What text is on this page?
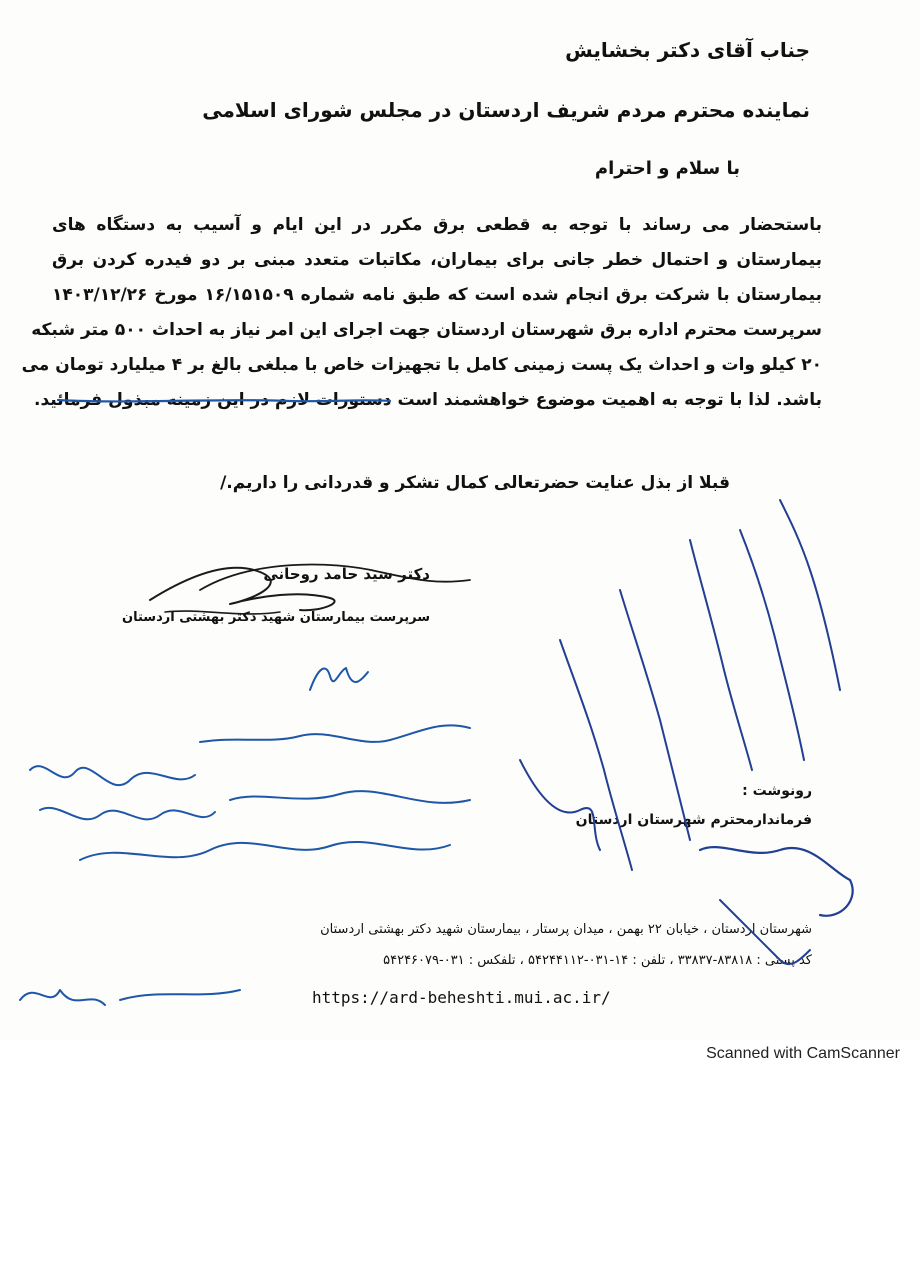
جناب آقای دکتر بخشایش
نماینده محترم مردم شریف اردستان در مجلس شورای اسلامی
با سلام و احترام
باستحضار می رساند با توجه به قطعی برق مکرر در این ایام و آسیب به دستگاه های
بیمارستان و احتمال خطر جانی برای بیماران، مکاتبات متعدد مبنی بر دو فیدره کردن برق
بیمارستان با شرکت برق انجام شده است که طبق نامه شماره ۱۶/۱۵۱۵۰۹ مورخ ۱۴۰۳/۱۲/۲۶
سرپرست محترم اداره برق شهرستان اردستان جهت اجرای این امر نیاز به احداث ۵۰۰ متر شبکه
۲۰ کیلو وات و احداث یک پست زمینی کامل با تجهیزات خاص با مبلغی بالغ بر ۴ میلیارد تومان می
باشد. لذا با توجه به اهمیت موضوع خواهشمند است دستورات لازم در این زمینه مبذول فرمائید.
قبلا از بذل عنایت حضرتعالی کمال تشکر و قدردانی را داریم./
دکتر سید حامد روحانی
سرپرست بیمارستان شهید دکتر بهشتی اردستان
رونوشت :
فرماندارمحترم شهرستان اردستان
شهرستان اردستان ، خیابان ۲۲ بهمن ، میدان پرستار ، بیمارستان شهید دکتر بهشتی اردستان
کد پستی : ۸۳۸۱۸-۳۳۸۳۷ ، تلفن : ۱۴-۰۳۱-۵۴۲۴۴۱۱۲ ، تلفکس : ۰۳۱-۵۴۲۴۶۰۷۹
https://ard-beheshti.mui.ac.ir/
Scanned with CamScanner
